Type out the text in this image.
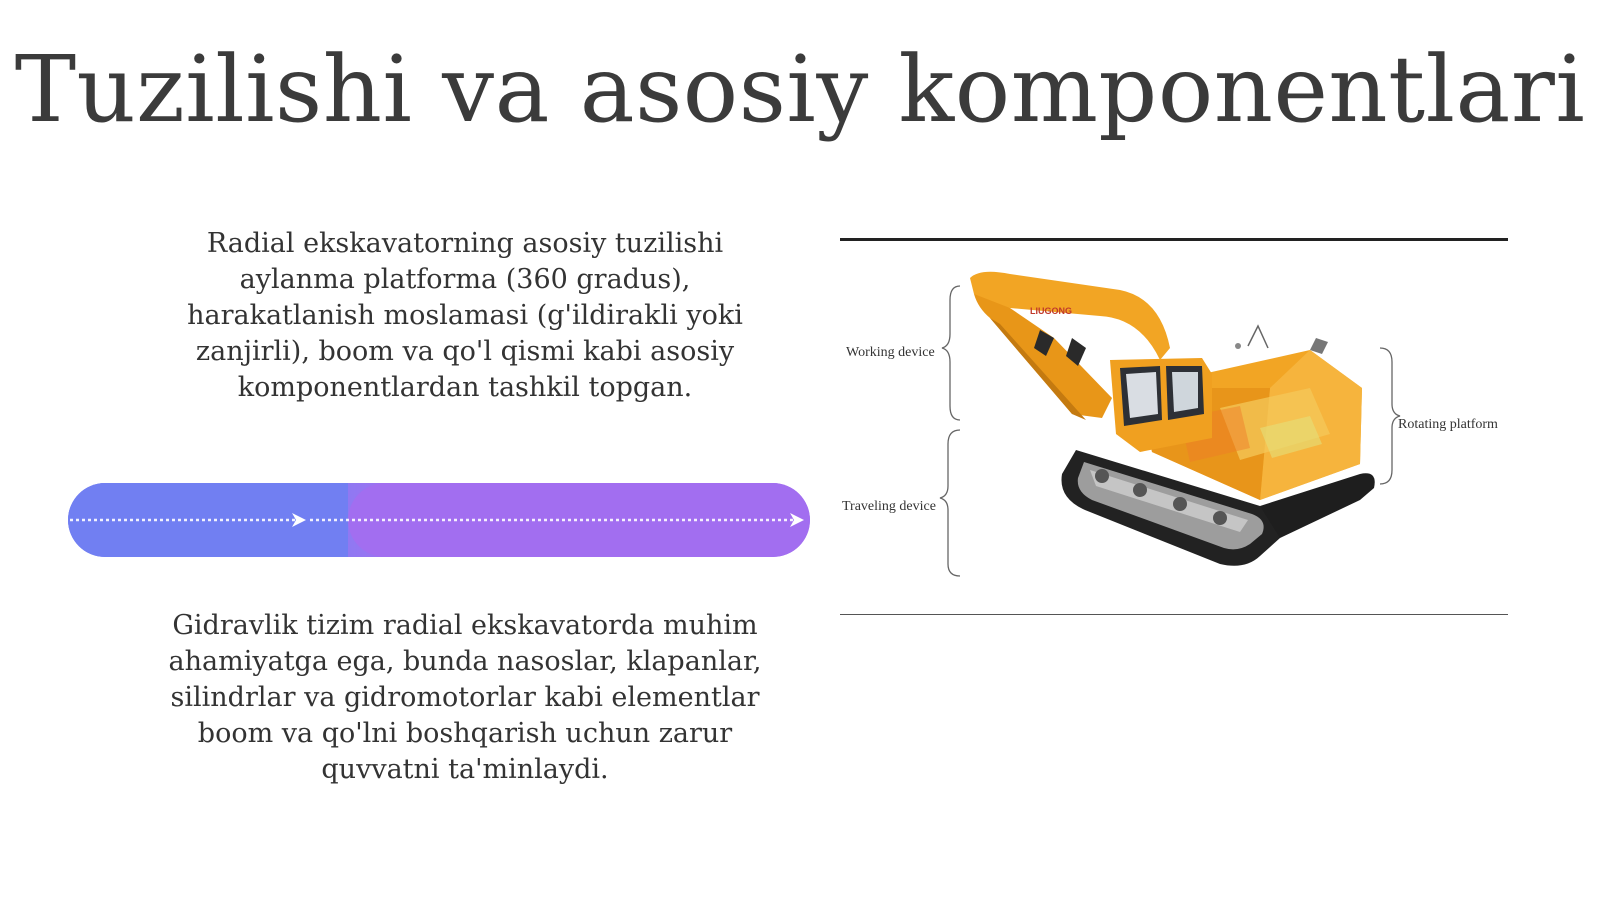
Tuzilishi va asosiy komponentlari

Radial ekskavatorning asosiy tuzilishi aylanma platforma (360 gradus), harakatlanish moslamasi (g'ildirakli yoki zanjirli), boom va qo'l qismi kabi asosiy komponentlardan tashkil topgan.

Gidravlik tizim radial ekskavatorda muhim ahamiyatga ega, bunda nasoslar, klapanlar, silindrlar va gidromotorlar kabi elementlar boom va qo'lni boshqarish uchun zarur quvvatni ta'minlaydi.

LIUGONG
Working device
Traveling device
Rotating platform
